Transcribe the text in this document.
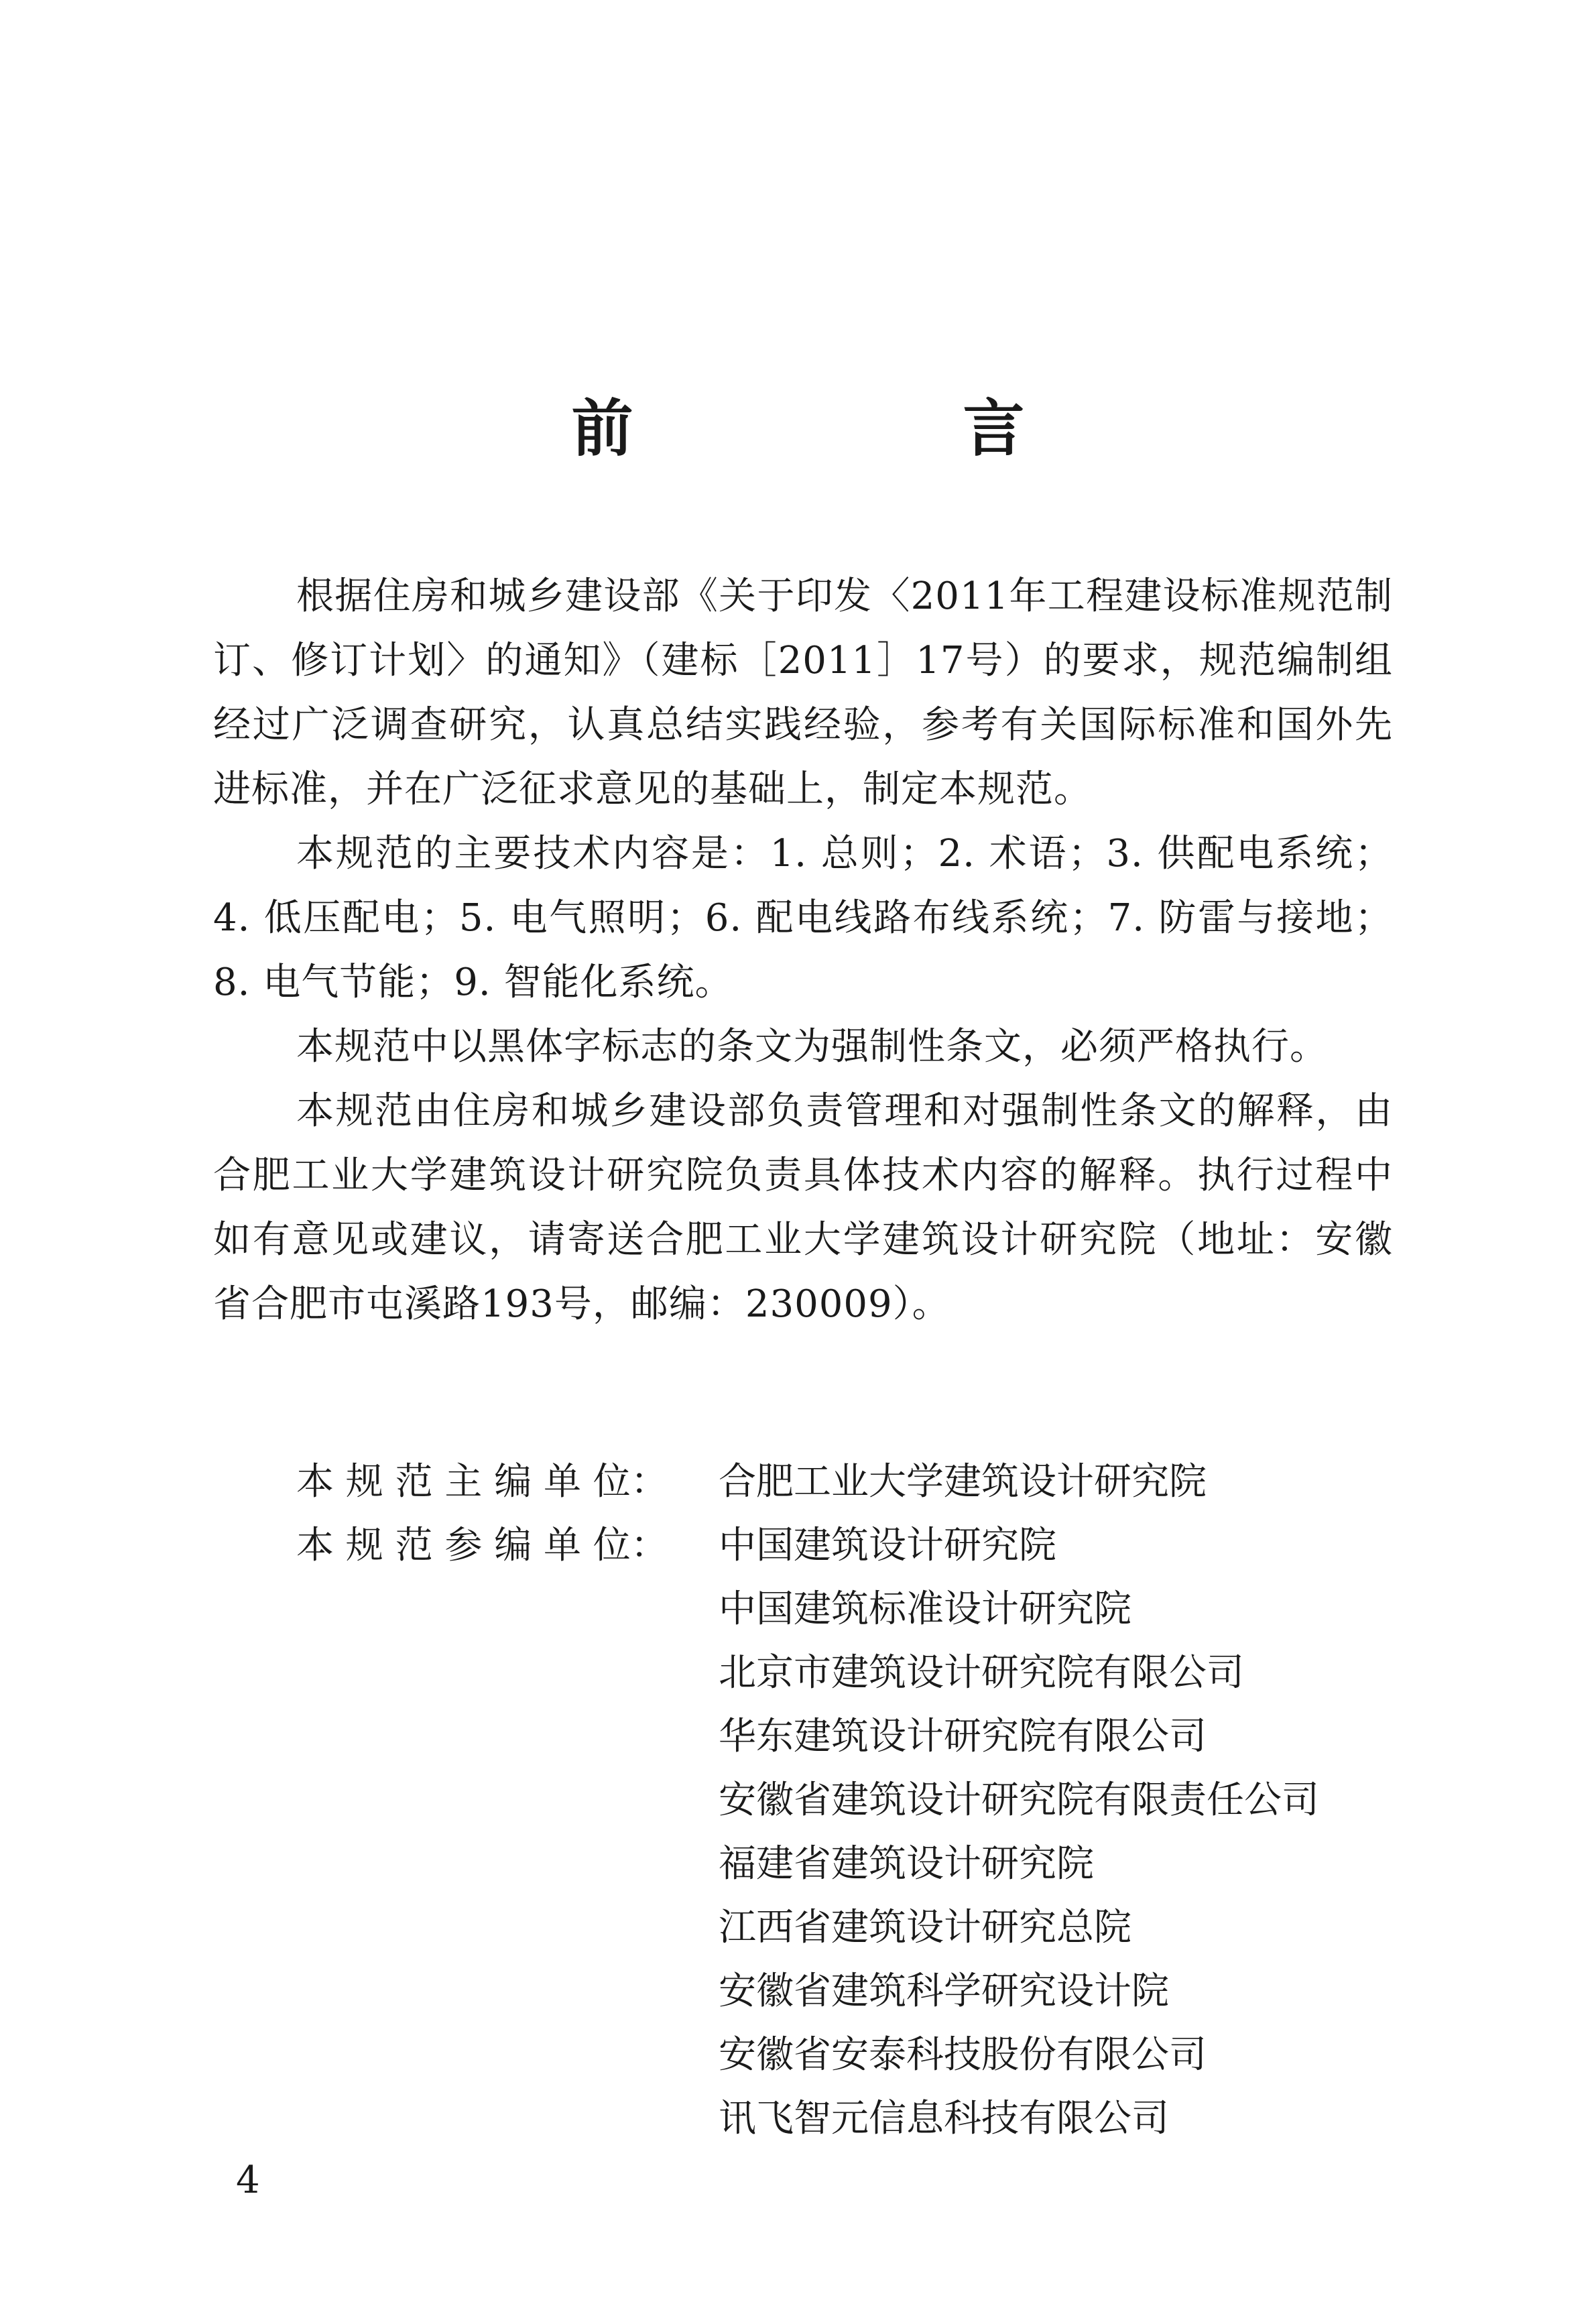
前　言

根据住房和城乡建设部《关于印发〈2011年工程建设标准规范制订、修订计划〉的通知》（建标［2011］17号）的要求，规范编制组经过广泛调查研究，认真总结实践经验，参考有关国际标准和国外先进标准，并在广泛征求意见的基础上，制定本规范。

本规范的主要技术内容是：1. 总则；2. 术语；3. 供配电系统；4. 低压配电；5. 电气照明；6. 配电线路布线系统；7. 防雷与接地；8. 电气节能；9. 智能化系统。

本规范中以黑体字标志的条文为强制性条文，必须严格执行。

本规范由住房和城乡建设部负责管理和对强制性条文的解释，由合肥工业大学建筑设计研究院负责具体技术内容的解释。执行过程中如有意见或建议，请寄送合肥工业大学建筑设计研究院（地址：安徽省合肥市屯溪路193号，邮编：230009）。

本 规 范 主 编 单 位：	合肥工业大学建筑设计研究院
本 规 范 参 编 单 位：	中国建筑设计研究院
中国建筑标准设计研究院
北京市建筑设计研究院有限公司
华东建筑设计研究院有限公司
安徽省建筑设计研究院有限责任公司
福建省建筑设计研究院
江西省建筑设计研究总院
安徽省建筑科学研究设计院
安徽省安泰科技股份有限公司
讯飞智元信息科技有限公司
4
